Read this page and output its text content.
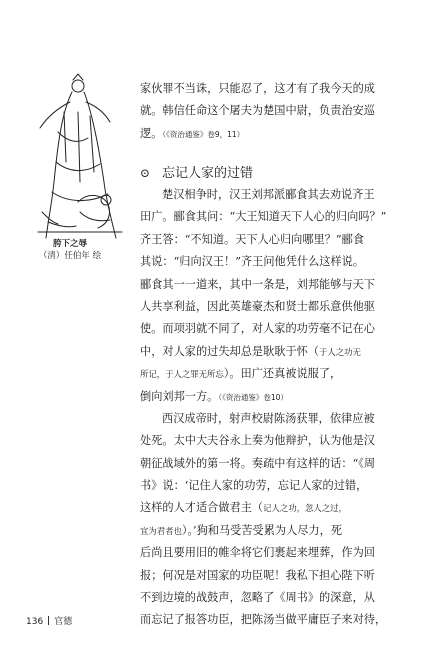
胯下之辱
（清）任伯年 绘
家伙罪不当诛，只能忍了，这才有了我今天的成
就。韩信任命这个屠夫为楚国中尉，负责治安巡
逻。（《资治通鉴》卷9，11）
⊙ 忘记人家的过错
楚汉相争时，汉王刘邦派郦食其去劝说齐王
田广。郦食其问：“大王知道天下人心的归向吗？”
齐王答：“不知道。天下人心归向哪里？”郦食
其说：“归向汉王！”齐王问他凭什么这样说。
郦食其一一道来，其中一条是，刘邦能够与天下
人共享利益，因此英雄豪杰和贤士都乐意供他驱
使。而项羽就不同了，对人家的功劳毫不记在心
中，对人家的过失却总是耿耿于怀（于人之功无
所记，于人之罪无所忘）。田广还真被说服了，
倒向刘邦一方。（《资治通鉴》卷10）
西汉成帝时，射声校尉陈汤获罪，依律应被
处死。太中大夫谷永上奏为他辩护，认为他是汉
朝征战域外的第一将。奏疏中有这样的话：“《周
书》说：‘记住人家的功劳，忘记人家的过错，
这样的人才适合做君主（记人之功，忽人之过，
宜为君者也）。’狗和马受苦受累为人尽力，死
后尚且要用旧的帷伞将它们裹起来埋葬，作为回
报；何况是对国家的功臣呢！我私下担心陛下听
不到边境的战鼓声，忽略了《周书》的深意，从
而忘记了报答功臣，把陈汤当做平庸臣子来对待，
136 官德
